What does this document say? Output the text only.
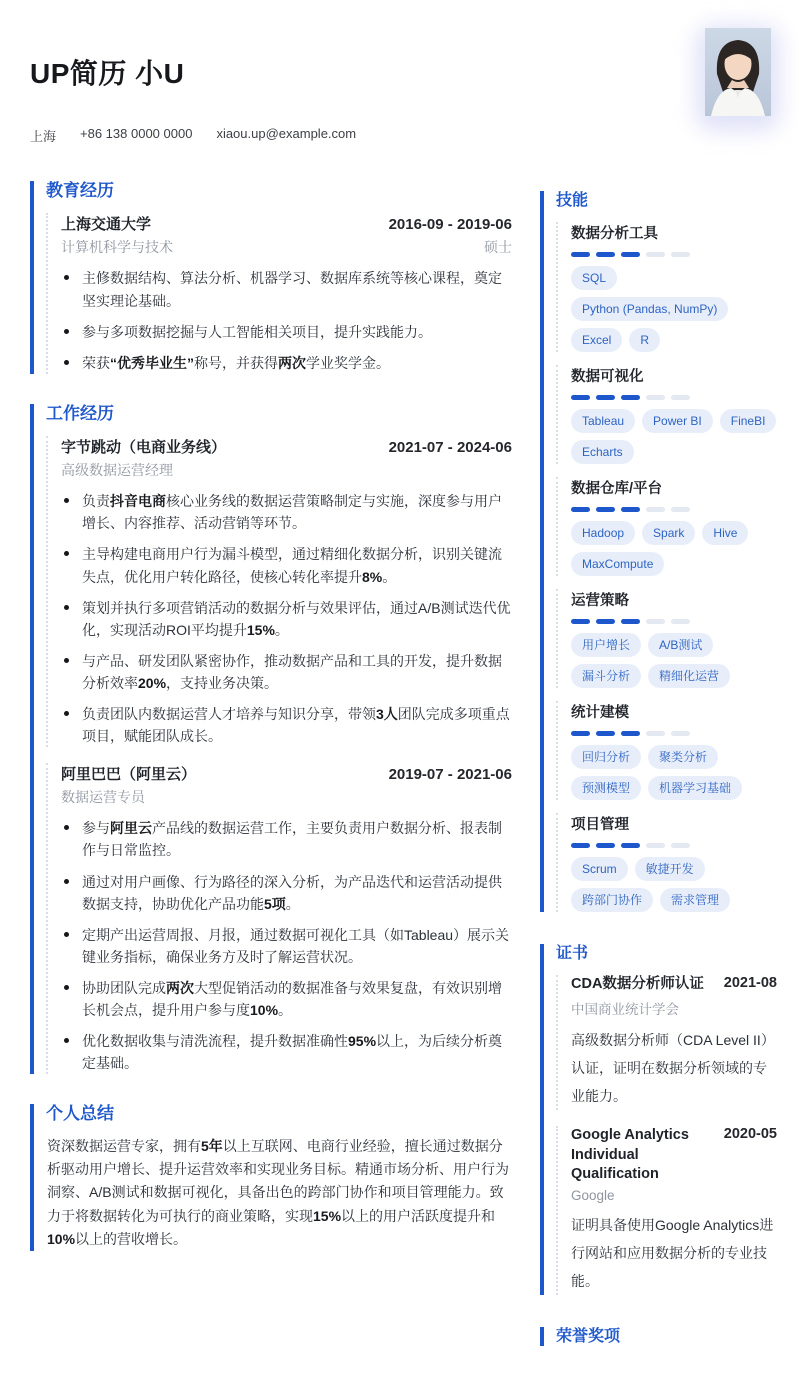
UP简历 小U
上海 +86 138 0000 0000 xiaou.up@example.com
教育经历
上海交通大学	2016-09 - 2019-06
计算机科学与技术	硕士
主修数据结构、算法分析、机器学习、数据库系统等核心课程，奠定坚实理论基础。
参与多项数据挖掘与人工智能相关项目，提升实践能力。
荣获“优秀毕业生”称号，并获得两次学业奖学金。
工作经历
字节跳动（电商业务线）	2021-07 - 2024-06
高级数据运营经理
负责抖音电商核心业务线的数据运营策略制定与实施，深度参与用户增长、内容推荐、活动营销等环节。
主导构建电商用户行为漏斗模型，通过精细化数据分析，识别关键流失点，优化用户转化路径，使核心转化率提升8%。
策划并执行多项营销活动的数据分析与效果评估，通过A/B测试迭代优化，实现活动ROI平均提升15%。
与产品、研发团队紧密协作，推动数据产品和工具的开发，提升数据分析效率20%，支持业务决策。
负责团队内数据运营人才培养与知识分享，带领3人团队完成多项重点项目，赋能团队成长。
阿里巴巴（阿里云）	2019-07 - 2021-06
数据运营专员
参与阿里云产品线的数据运营工作，主要负责用户数据分析、报表制作与日常监控。
通过对用户画像、行为路径的深入分析，为产品迭代和运营活动提供数据支持，协助优化产品功能5项。
定期产出运营周报、月报，通过数据可视化工具（如Tableau）展示关键业务指标，确保业务方及时了解运营状况。
协助团队完成两次大型促销活动的数据准备与效果复盘，有效识别增长机会点，提升用户参与度10%。
优化数据收集与清洗流程，提升数据准确性95%以上，为后续分析奠定基础。
个人总结
资深数据运营专家，拥有5年以上互联网、电商行业经验，擅长通过数据分析驱动用户增长、提升运营效率和实现业务目标。精通市场分析、用户行为洞察、A/B测试和数据可视化，具备出色的跨部门协作和项目管理能力。致力于将数据转化为可执行的商业策略，实现15%以上的用户活跃度提升和10%以上的营收增长。
技能
数据分析工具
SQL
Python (Pandas, NumPy)
Excel	R
数据可视化
Tableau	Power BI	FineBI
Echarts
数据仓库/平台
Hadoop	Spark	Hive
MaxCompute
运营策略
用户增长	A/B测试
漏斗分析	精细化运营
统计建模
回归分析	聚类分析
预测模型	机器学习基础
项目管理
Scrum	敏捷开发
跨部门协作	需求管理
证书
CDA数据分析师认证 2021-08
中国商业统计学会
高级数据分析师（CDA Level II）认证，证明在数据分析领域的专业能力。
Google Analytics Individual Qualification
2020-05
Google
证明具备使用Google Analytics进行网站和应用数据分析的专业技能。
荣誉奖项
